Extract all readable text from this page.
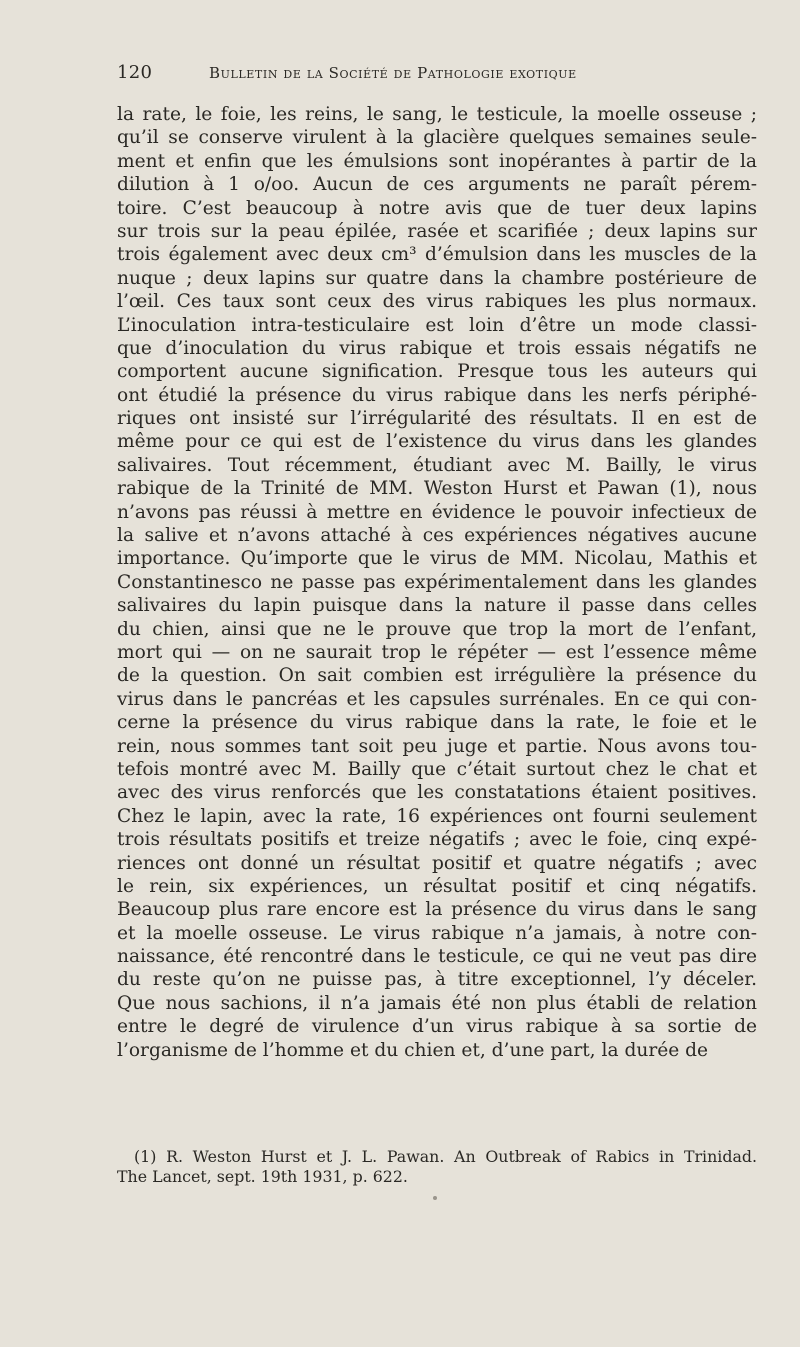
120	Bulletin de la Société de Pathologie exotique
la rate, le foie, les reins, le sang, le testicule, la moelle osseuse ;
qu’il se conserve virulent à la glacière quelques semaines seule-
ment et enfin que les émulsions sont inopérantes à partir de la
dilution à 1 o/oo. Aucun de ces arguments ne paraît pérem-
toire. C’est beaucoup à notre avis que de tuer deux lapins
sur trois sur la peau épilée, rasée et scarifiée ; deux lapins sur
trois également avec deux cm³ d’émulsion dans les muscles de la
nuque ; deux lapins sur quatre dans la chambre postérieure de
l’œil. Ces taux sont ceux des virus rabiques les plus normaux.
L’inoculation intra-testiculaire est loin d’être un mode classi-
que d’inoculation du virus rabique et trois essais négatifs ne
comportent aucune signification. Presque tous les auteurs qui
ont étudié la présence du virus rabique dans les nerfs périphé-
riques ont insisté sur l’irrégularité des résultats. Il en est de
même pour ce qui est de l’existence du virus dans les glandes
salivaires. Tout récemment, étudiant avec M. Bailly, le virus
rabique de la Trinité de MM. Weston Hurst et Pawan (1), nous
n’avons pas réussi à mettre en évidence le pouvoir infectieux de
la salive et n’avons attaché à ces expériences négatives aucune
importance. Qu’importe que le virus de MM. Nicolau, Mathis et
Constantinesco ne passe pas expérimentalement dans les glandes
salivaires du lapin puisque dans la nature il passe dans celles
du chien, ainsi que ne le prouve que trop la mort de l’enfant,
mort qui — on ne saurait trop le répéter — est l’essence même
de la question. On sait combien est irrégulière la présence du
virus dans le pancréas et les capsules surrénales. En ce qui con-
cerne la présence du virus rabique dans la rate, le foie et le
rein, nous sommes tant soit peu juge et partie. Nous avons tou-
tefois montré avec M. Bailly que c’était surtout chez le chat et
avec des virus renforcés que les constatations étaient positives.
Chez le lapin, avec la rate, 16 expériences ont fourni seulement
trois résultats positifs et treize négatifs ; avec le foie, cinq expé-
riences ont donné un résultat positif et quatre négatifs ; avec
le rein, six expériences, un résultat positif et cinq négatifs.
Beaucoup plus rare encore est la présence du virus dans le sang
et la moelle osseuse. Le virus rabique n’a jamais, à notre con-
naissance, été rencontré dans le testicule, ce qui ne veut pas dire
du reste qu’on ne puisse pas, à titre exceptionnel, l’y déceler.
Que nous sachions, il n’a jamais été non plus établi de relation
entre le degré de virulence d’un virus rabique à sa sortie de
l’organisme de l’homme et du chien et, d’une part, la durée de
(1) R. Weston Hurst et J. L. Pawan. An Outbreak of Rabics in Trinidad.
The Lancet, sept. 19th 1931, p. 622.
